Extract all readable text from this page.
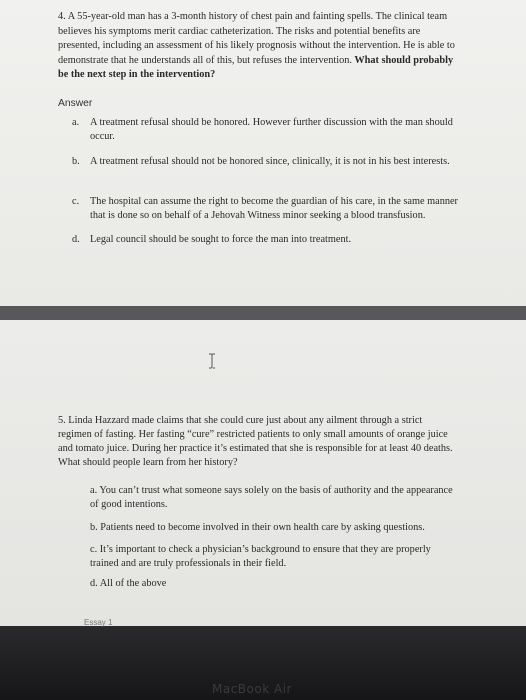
4. A 55-year-old man has a 3-month history of chest pain and fainting spells. The clinical team
believes his symptoms merit cardiac catheterization. The risks and potential benefits are
presented, including an assessment of his likely prognosis without the intervention. He is able to
demonstrate that he understands all of this, but refuses the intervention. What should probably
be the next step in the intervention?

Answer
a.	A treatment refusal should be honored. However further discussion with the man should
occur.
b. A treatment refusal should not be honored since, clinically, it is not in his best interests.
c.	The hospital can assume the right to become the guardian of his care, in the same manner
that is done so on behalf of a Jehovah Witness minor seeking a blood transfusion.
d. Legal council should be sought to force the man into treatment.

5. Linda Hazzard made claims that she could cure just about any ailment through a strict
regimen of fasting. Her fasting “cure” restricted patients to only small amounts of orange juice
and tomato juice. During her practice it’s estimated that she is responsible for at least 40 deaths.
What should people learn from her history?

a. You can’t trust what someone says solely on the basis of authority and the appearance
of good intentions.
b. Patients need to become involved in their own health care by asking questions.
c. It’s important to check a physician’s background to ensure that they are properly
trained and are truly professionals in their field.
d. All of the above
Essay 1
MacBook Air
